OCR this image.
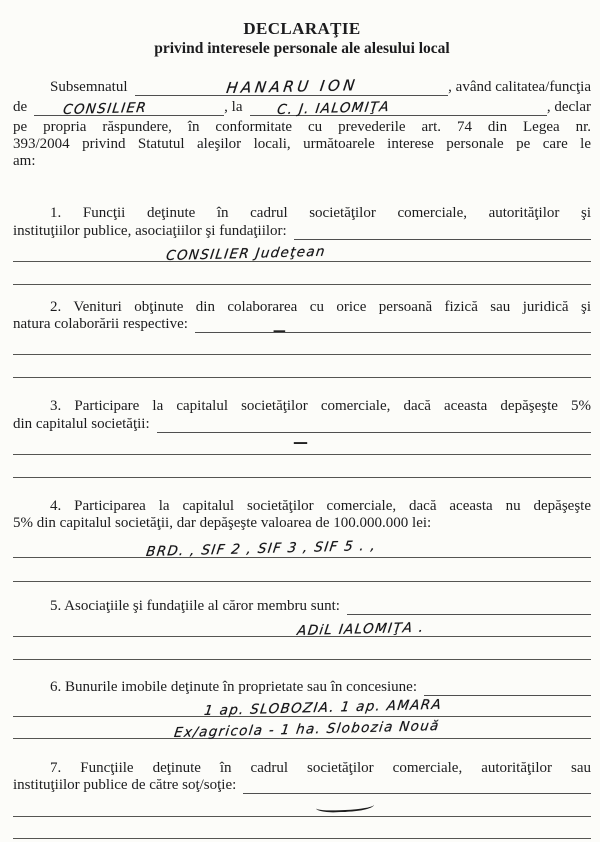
DECLARAŢIE
privind interesele personale ale alesului local
Subsemnatul	HANARU ION	, având calitatea/funcţia
de	CONSILIER	, la	C. J. IALOMIŢA	, declar
pe propria răspundere, în conformitate cu prevederile art. 74 din Legea nr.
393/2004 privind Statutul aleşilor locali, următoarele interese personale pe care le
am:
1. Funcţii deţinute în cadrul societăţilor comerciale, autorităţilor şi
instituţiilor publice, asociaţiilor şi fundaţiilor:
CONSILIER Judeţean
2. Venituri obţinute din colaborarea cu orice persoană fizică sau juridică şi
natura colaborării respective:	—
3. Participare la capitalul societăţilor comerciale, dacă aceasta depăşeşte 5%
din capitalul societăţii:
—
4. Participarea la capitalul societăţilor comerciale, dacă aceasta nu depăşeşte
5% din capitalul societăţii, dar depăşeşte valoarea de 100.000.000 lei:
BRD. , SIF 2 , SIF 3 , SIF 5 . ,
5. Asociaţiile şi fundaţiile al căror membru sunt:
ADiL IALOMIŢA .
6. Bunurile imobile deţinute în proprietate sau în concesiune:
1 ap. SLOBOZIA. 1 ap. AMARA
Ex/agricola - 1 ha. Slobozia Nouă
7. Funcţiile deţinute în cadrul societăţilor comerciale, autorităţilor sau
instituţiilor publice de către soţ/soţie:
